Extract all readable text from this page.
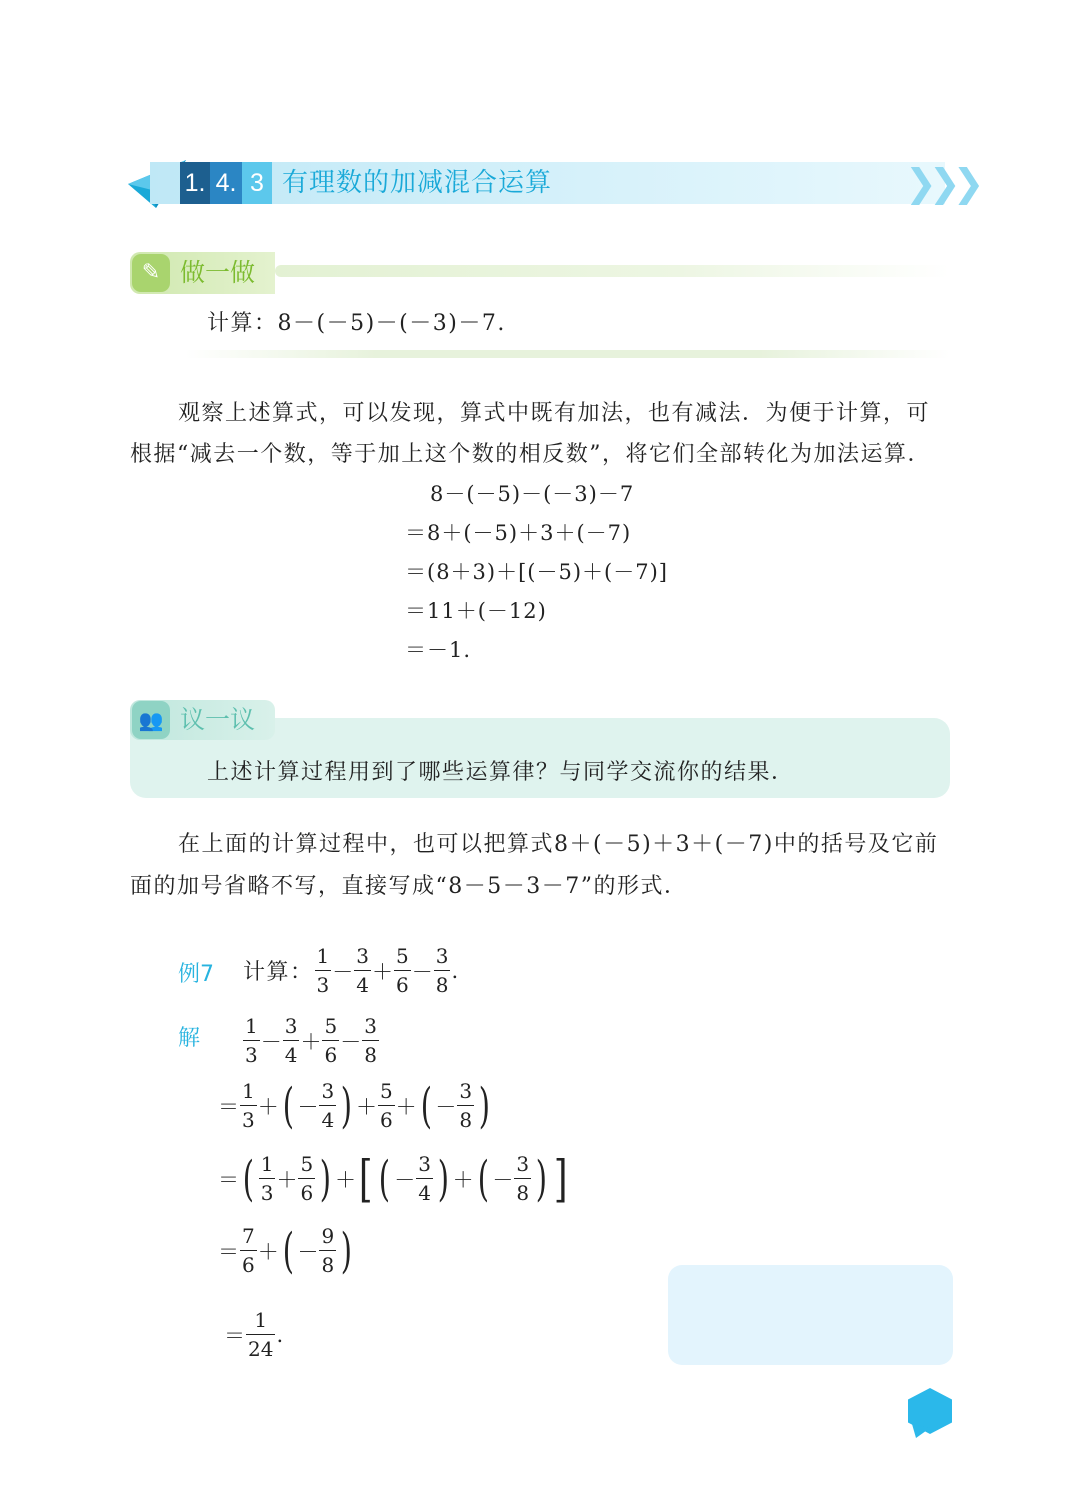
1. 4. 3 有理数的加减混合运算	❯❯❯
✎ 做一做
计算：8－(－5)－(－3)－7.
观察上述算式，可以发现，算式中既有加法，也有减法．为便于计算，可
根据“减去一个数，等于加上这个数的相反数”，将它们全部转化为加法运算．
8－(－5)－(－3)－7
＝8＋(－5)＋3＋(－7)
＝(8＋3)＋[(－5)＋(－7)]
＝11＋(－12)
＝－1.
👥 议一议
上述计算过程用到了哪些运算律？与同学交流你的结果．
在上面的计算过程中，也可以把算式8＋(－5)＋3＋(－7)中的括号及它前
面的加号省略不写，直接写成“8－5－3－7”的形式．
例7 计算： $\frac{1}{3} - \frac{3}{4} + \frac{5}{6} - \frac{3}{8}$ .
解 $\frac{1}{3} - \frac{3}{4} + \frac{5}{6} - \frac{3}{8}$
＝ $\frac{1}{3}$ ＋ ( － $\frac{3}{4}$ ) ＋ $\frac{5}{6}$ ＋ ( － $\frac{3}{8}$ )
＝ ( $\frac{1}{3} + \frac{5}{6}$ ) ＋ [ ( － $\frac{3}{4}$ ) ＋ ( － $\frac{3}{8}$ ) ]
＝ $\frac{7}{6}$ ＋ ( － $\frac{9}{8}$ )
＝ $\frac{1}{24}$ .
